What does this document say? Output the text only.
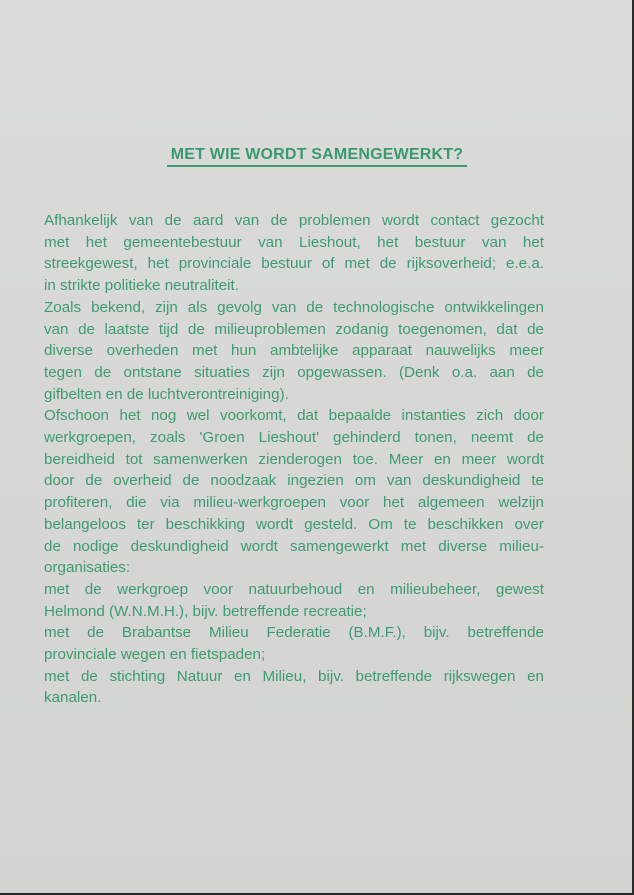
MET WIE WORDT SAMENGEWERKT?
Afhankelijk van de aard van de problemen wordt contact gezocht
met het gemeentebestuur van Lieshout, het bestuur van het
streekgewest, het provinciale bestuur of met de rijksoverheid; e.e.a.
in strikte politieke neutraliteit.
Zoals bekend, zijn als gevolg van de technologische ontwikkelingen
van de laatste tijd de milieuproblemen zodanig toegenomen, dat de
diverse overheden met hun ambtelijke apparaat nauwelijks meer
tegen de ontstane situaties zijn opgewassen. (Denk o.a. aan de
gifbelten en de luchtverontreiniging).
Ofschoon het nog wel voorkomt, dat bepaalde instanties zich door
werkgroepen, zoals 'Groen Lieshout' gehinderd tonen, neemt de
bereidheid tot samenwerken zienderogen toe. Meer en meer wordt
door de overheid de noodzaak ingezien om van deskundigheid te
profiteren, die via milieu-werkgroepen voor het algemeen welzijn
belangeloos ter beschikking wordt gesteld. Om te beschikken over
de nodige deskundigheid wordt samengewerkt met diverse milieu-
organisaties:
met de werkgroep voor natuurbehoud en milieubeheer, gewest
Helmond (W.N.M.H.), bijv. betreffende recreatie;
met de Brabantse Milieu Federatie (B.M.F.), bijv. betreffende
provinciale wegen en fietspaden;
met de stichting Natuur en Milieu, bijv. betreffende rijkswegen en
kanalen.
